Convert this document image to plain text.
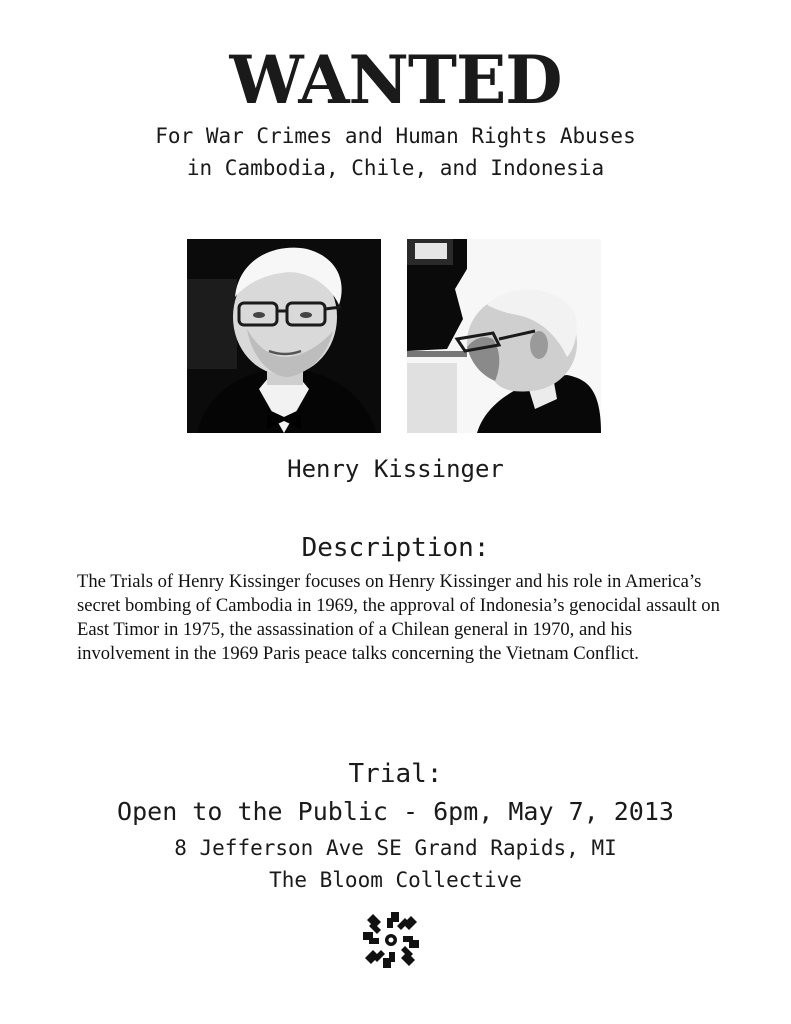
WANTED
For War Crimes and Human Rights Abuses
in Cambodia, Chile, and Indonesia
Henry Kissinger
Description:
The Trials of Henry Kissinger focuses on Henry Kissinger and his role in America’s secret bombing of Cambodia in 1969, the approval of Indonesia’s genocidal assault on East Timor in 1975, the assassination of a Chilean general in 1970, and his involvement in the 1969 Paris peace talks concerning the Vietnam Conflict.
Trial:
Open to the Public - 6pm, May 7, 2013
8 Jefferson Ave SE Grand Rapids, MI
The Bloom Collective
